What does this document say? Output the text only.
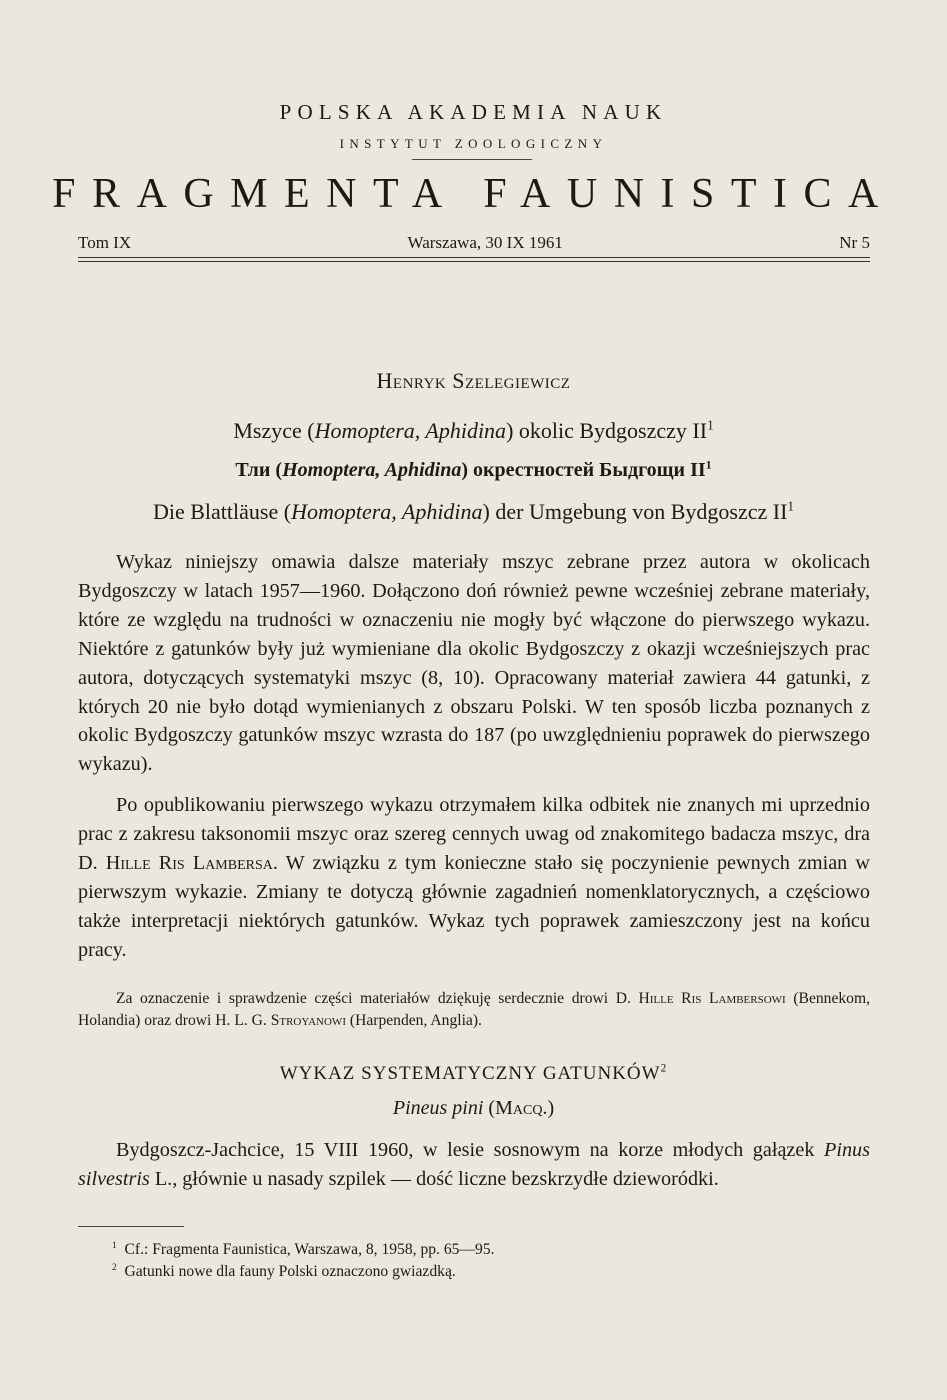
POLSKA AKADEMIA NAUK
INSTYTUT ZOOLOGICZNY
FRAGMENTA FAUNISTICA
Tom IX	Warszawa, 30 IX 1961	Nr 5
Henryk Szelegiewicz
Mszyce (Homoptera, Aphidina) okolic Bydgoszczy $II^1$
Тли (Homoptera, Aphidina) окрестностей Быдгощи $II^1$
Die Blattläuse (Homoptera, Aphidina) der Umgebung von Bydgoszcz $II^1$

Wykaz niniejszy omawia dalsze materiały mszyc zebrane przez autora w okolicach Bydgoszczy w latach 1957—1960. Dołączono doń również pewne wcześniej zebrane materiały, które ze względu na trudności w oznaczeniu nie mogły być włączone do pierwszego wykazu. Niektóre z gatunków były już wymieniane dla okolic Bydgoszczy z okazji wcześniejszych prac autora, dotyczących systematyki mszyc (8, 10). Opracowany materiał zawiera 44 gatunki, z których 20 nie było dotąd wymienianych z obszaru Polski. W ten sposób liczba poznanych z okolic Bydgoszczy gatunków mszyc wzrasta do 187 (po uwzględnieniu poprawek do pierwszego wykazu).

Po opublikowaniu pierwszego wykazu otrzymałem kilka odbitek nie znanych mi uprzednio prac z zakresu taksonomii mszyc oraz szereg cennych uwag od znakomitego badacza mszyc, dra D. Hille Ris Lambersa. W związku z tym konieczne stało się poczynienie pewnych zmian w pierwszym wykazie. Zmiany te dotyczą głównie zagadnień nomenklatorycznych, a częściowo także interpretacji niektórych gatunków. Wykaz tych poprawek zamieszczony jest na końcu pracy.

Za oznaczenie i sprawdzenie części materiałów dziękuję serdecznie drowi D. Hille Ris Lambersowi (Bennekom, Holandia) oraz drowi H. L. G. Stroyanowi (Harpenden, Anglia).

WYKAZ SYSTEMATYCZNY GATUNKÓW$^2$
Pineus pini (Macq.)

Bydgoszcz-Jachcice, 15 VIII 1960, w lesie sosnowym na korze młodych gałązek Pinus silvestris L., głównie u nasady szpilek — dość liczne bezskrzydłe dzieworódki.

$^1$ Cf.: Fragmenta Faunistica, Warszawa, 8, 1958, pp. 65—95.
$^2$ Gatunki nowe dla fauny Polski oznaczono gwiazdką.
